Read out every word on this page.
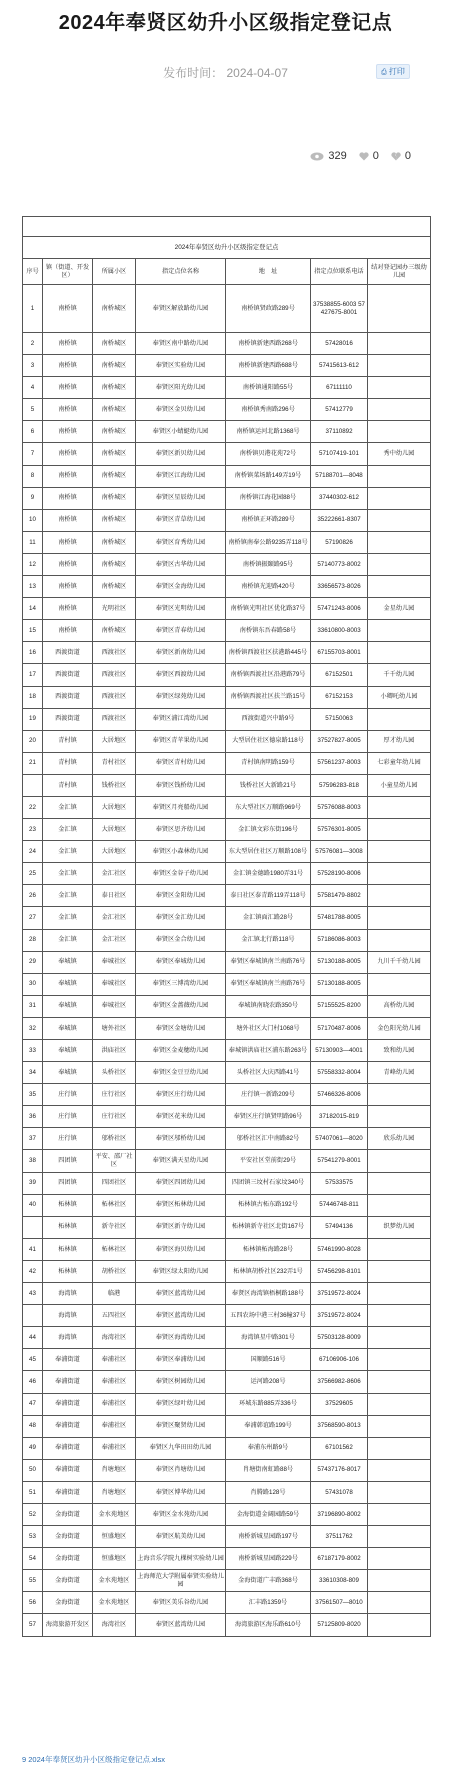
2024年奉贤区幼升小区级指定登记点
发布时间： 2024-04-07	⎙ 打印
329 0 0

2024年奉贤区幼升小区级指定登记点						
序号	镇（街道、开发区）	所属小区	指定点位名称	地　址	指定点位联系电话	结对登记园办三级幼儿园
1	南桥镇	南桥城区	奉贤区解放路幼儿园	南桥镇贤政路289号	37538855-6003 57427675-8001	
2	南桥镇	南桥城区	奉贤区南中路幼儿园	南桥镇新建西路268号	57428016	
3	南桥镇	南桥城区	奉贤区实验幼儿园	南桥镇新建西路688号	57415613-612	
4	南桥镇	南桥城区	奉贤区阳光幼儿园	南桥镇通阳路55号	67111110	
5	南桥镇	南桥城区	奉贤区金贝幼儿园	南桥镇秀南路296号	57412779	
6	南桥镇	南桥城区	奉贤区小蜻蜓幼儿园	南桥镇运河北路1368号	37110892	
7	南桥镇	南桥城区	奉贤区新贝幼儿园	南桥镇贝港花苑72号	57107419-101	秀中幼儿园
8	南桥镇	南桥城区	奉贤区江海幼儿园	南桥镇菜场路149弄19号	57188701—8048	
9	南桥镇	南桥城区	奉贤区星辰幼儿园	南桥镇江海花园88号	37440302-612	
10	南桥镇	南桥城区	奉贤区青草幼儿园	南桥镇正环路289号	35222661-8307	
11	南桥镇	南桥城区	奉贤区育秀幼儿园	南桥镇南奉公路9235弄118号	57190826	
12	南桥镇	南桥城区	奉贤区古华幼儿园	南桥镇振颐路95号	57140773-8002	
13	南桥镇	南桥城区	奉贤区金海幼儿园	南桥镇光迎路420号	33656573-8026	
14	南桥镇	光明社区	奉贤区光明幼儿园	南桥镇光明社区优化路37号	57471243-8006	金星幼儿园
15	南桥镇	南桥城区	奉贤区青春幼儿园	南桥镇东吾春路58号	33610800-8003	
16	西渡街道	西渡社区	奉贤区新南幼儿园	南桥镇西渡社区扶港路445号	67155703-8001	
17	西渡街道	西渡社区	奉贤区西渡幼儿园	南桥镇西渡社区沿港路79号	67152501	千千幼儿园
18	西渡街道	西渡社区	奉贤区绿苑幼儿园	南桥镇西渡社区扶兰路15号	67152153	小卿吒幼儿园
19	西渡街道	西渡社区	奉贤区浦江湾幼儿园	西渡街道兴中路9号	57150063	
20	青村镇	大居地区	奉贤区青苹果幼儿园	大型居住社区德泉路118号	37527827-8005	厚才幼儿园
21	青村镇	青村社区	奉贤区青村幼儿园	青村镇南明路159号	57561237-8003	七彩童年幼儿园
	青村镇	钱桥社区	奉贤区钱桥幼儿园	钱桥社区大新路21号	57596283-818	小童星幼儿园
22	金汇镇	大居地区	奉贤区月亮船幼儿园	东大型社区万顺路969号	57576088-8003	
23	金汇镇	大居地区	奉贤区思齐幼儿园	金汇镇文彩东街196号	57576301-8005	
24	金汇镇	大居地区	奉贤区小森林幼儿园	东大型居住社区万顺路108号	57576081—3008	
25	金汇镇	金汇社区	奉贤区金谷子幼儿园	金汇镇金德路1980弄31号	57528190-8006	
26	金汇镇	泰日社区	奉贤区金阳幼儿园	泰日社区泰青路119弄118号	57581479-8802	
27	金汇镇	金汇社区	奉贤区金汇幼儿园	金汇镇面汇路28号	57481788-8005	
28	金汇镇	金汇社区	奉贤区金合幼儿园	金汇镇北行路118号	57186086-8003	
29	奉城镇	奉城社区	奉贤区奉城幼儿园	奉贤区奉城镇南兰南路76号	57130188-8005	九川千千幼儿园
30	奉城镇	奉城社区	奉贤区三博湾幼儿园	奉贤区奉城镇南兰南路76号	57130188-8005	
31	奉城镇	奉城社区	奉贤区金蔷薇幼儿园	奉城镇南晓农路350号	57155525-8200	高桥幼儿园
32	奉城镇	塘外社区	奉贤区金塘幼儿园	塘外社区大门村1068号	57170487-8006	金色阳光幼儿园
33	奉城镇	洪庙社区	奉贤区金麦穗幼儿园	奉城镇洪庙社区浦东路263号	57130903—4001	致和幼儿园
34	奉城镇	头桥社区	奉贤区金豆豆幼儿园	头桥社区大庆西路41号	57558332-8004	青峰幼儿园
35	庄行镇	庄行社区	奉贤区庄行幼儿园	庄行镇一新路209号	57466326-8006	
36	庄行镇	庄行社区	奉贤区花米幼儿园	奉贤区庄行镇贤明路96号	37182015-819	
37	庄行镇	邬桥社区	奉贤区邬桥幼儿园	邬桥社区汇中南路82号	57407061—8020	欣乐幼儿园
38	四团镇	平安、邵厂社区	奉贤区满天星幼儿园	平安社区堂前街29号	57541279-8001	
39	四团镇	四团社区	奉贤区四团幼儿园	四团镇三坟村石家坟340号	57533575	
40	柘林镇	柘林社区	奉贤区柘林幼儿园	柘林镇古柘东路192号	57446748-811	
	柘林镇	新寺社区	奉贤区新寺幼儿园	柘林镇新寺社区北街167号	57494136	织梦幼儿园
41	柘林镇	柘林社区	奉贤区海贝幼儿园	柘林镇柘海路28号	57461990-8028	
42	柘林镇	胡桥社区	奉贤区绿太阳幼儿园	柘林镇胡桥社区232弄1号	57456298-8101	
43	海湾镇	临港	奉贤区蓝湾幼儿园	奉贤区海湾镇梧桐路188号	37519572-8024	
	海湾镇	五四社区	奉贤区蓝湾幼儿园	五四农场中港三村36幢37号	37519572-8024	
44	海湾镇	海湾社区	奉贤区海湾幼儿园	海湾镇星中路301号	57503128-8009	
45	奉浦街道	奉浦社区	奉贤区奉浦幼儿园	国顺路516号	67106906-106	
46	奉浦街道	奉浦社区	奉贤区树园幼儿园	运河路208号	37566982-8606	
47	奉浦街道	奉浦社区	奉贤区绿叶幼儿园	环城东路885弄336号	37529605	
48	奉浦街道	奉浦社区	奉贤区聚贤幼儿园	奉浦韩谊路199号	37568590-8013	
49	奉浦街道	奉浦社区	奉贤区九华田田幼儿园	奉浦东州路9号	67101562	
50	奉浦街道	肖塘地区	奉贤区肖塘幼儿园	肖塘街南虹路88号	57437176-8017	
51	奉浦街道	肖塘地区	奉贤区博华幼儿园	肖腾路128号	57431078	
52	金海街道	金水苑地区	奉贤区金水苑幼儿园	金海街道金阔园路59号	37196890-8002	
53	金海街道	恒盛地区	奉贤区航美幼儿园	南桥新城星园路197号	37511762	
54	金海街道	恒盛地区	上海音乐学院九棵树实验幼儿园	南桥新城星园路229号	67187179-8002	
55	金海街道	金水苑地区	上海师范大学附属奉贤实验幼儿园	金海街道广丰路368号	33610308-809	
56	金海街道	金水苑地区	奉贤区美乐谷幼儿园	汇丰路1359号	37561507—8010	
57	海湾旅游开发区	海湾社区	奉贤区蓝湾幼儿园	海湾旅游区海乐路610号	57125809-8020	
9 2024年奉贤区幼升小区级指定登记点.xlsx
